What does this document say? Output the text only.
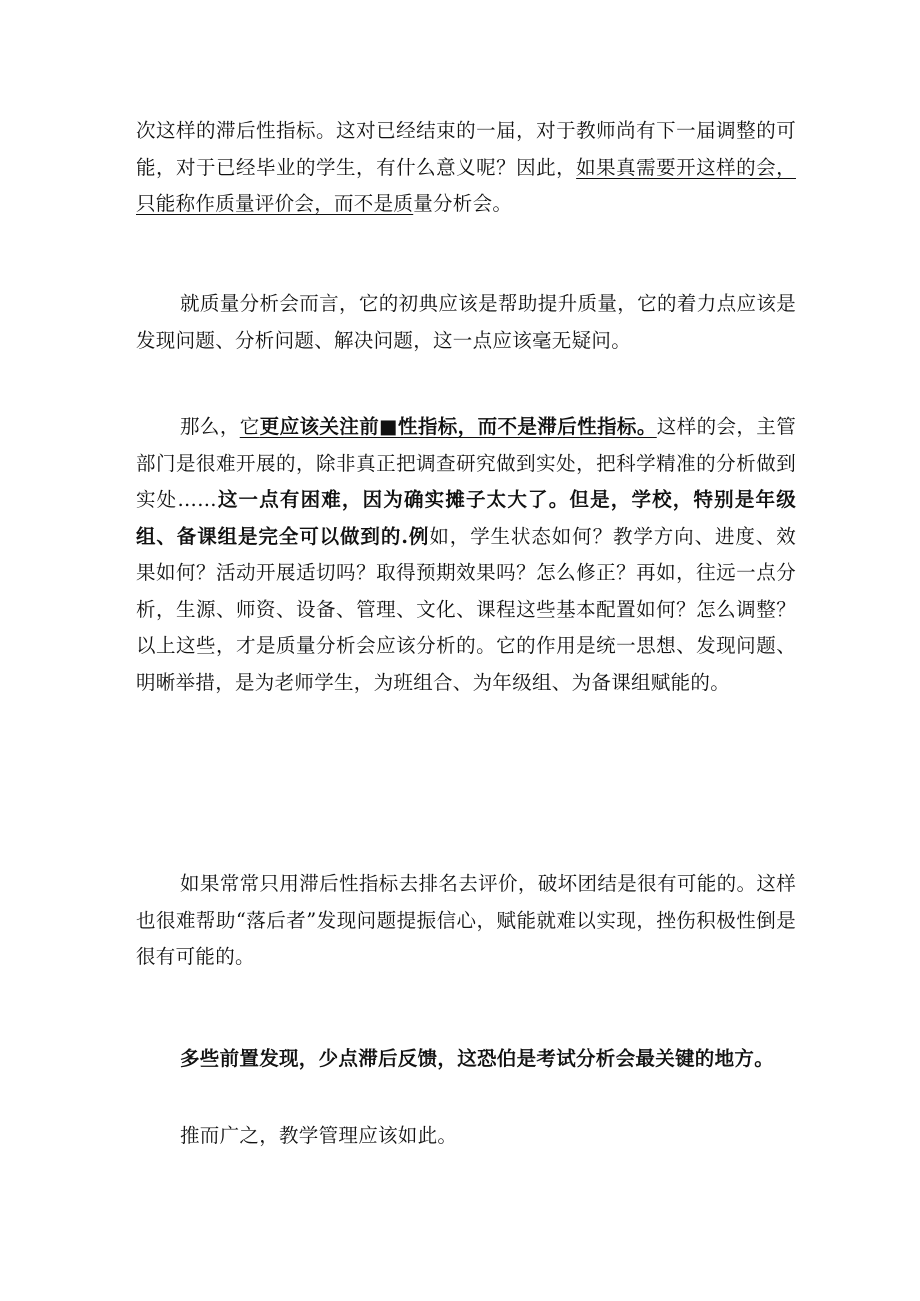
次这样的滞后性指标。这对已经结束的一届，对于教师尚有下一届调整的可能，对于已经毕业的学生，有什么意义呢？因此，如果真需要开这样的会，只能称作质量评价会，而不是质量分析会。

就质量分析会而言，它的初典应该是帮助提升质量，它的着力点应该是发现问题、分析问题、解决问题，这一点应该毫无疑问。

那么，它更应该关注前■性指标，而不是滞后性指标。这样的会，主管部门是很难开展的，除非真正把调查研究做到实处，把科学精准的分析做到实处……这一点有困难，因为确实摊子太大了。但是，学校，特别是年级组、备课组是完全可以做到的.例如，学生状态如何？教学方向、进度、效果如何？活动开展适切吗？取得预期效果吗？怎么修正？再如，往远一点分析，生源、师资、设备、管理、文化、课程这些基本配置如何？怎么调整？以上这些，才是质量分析会应该分析的。它的作用是统一思想、发现问题、明晰举措，是为老师学生，为班组合、为年级组、为备课组赋能的。

如果常常只用滞后性指标去排名去评价，破坏团结是很有可能的。这样也很难帮助“落后者”发现问题提振信心，赋能就难以实现，挫伤积极性倒是很有可能的。

多些前置发现，少点滞后反馈，这恐伯是考试分析会最关键的地方。

推而广之，教学管理应该如此。
